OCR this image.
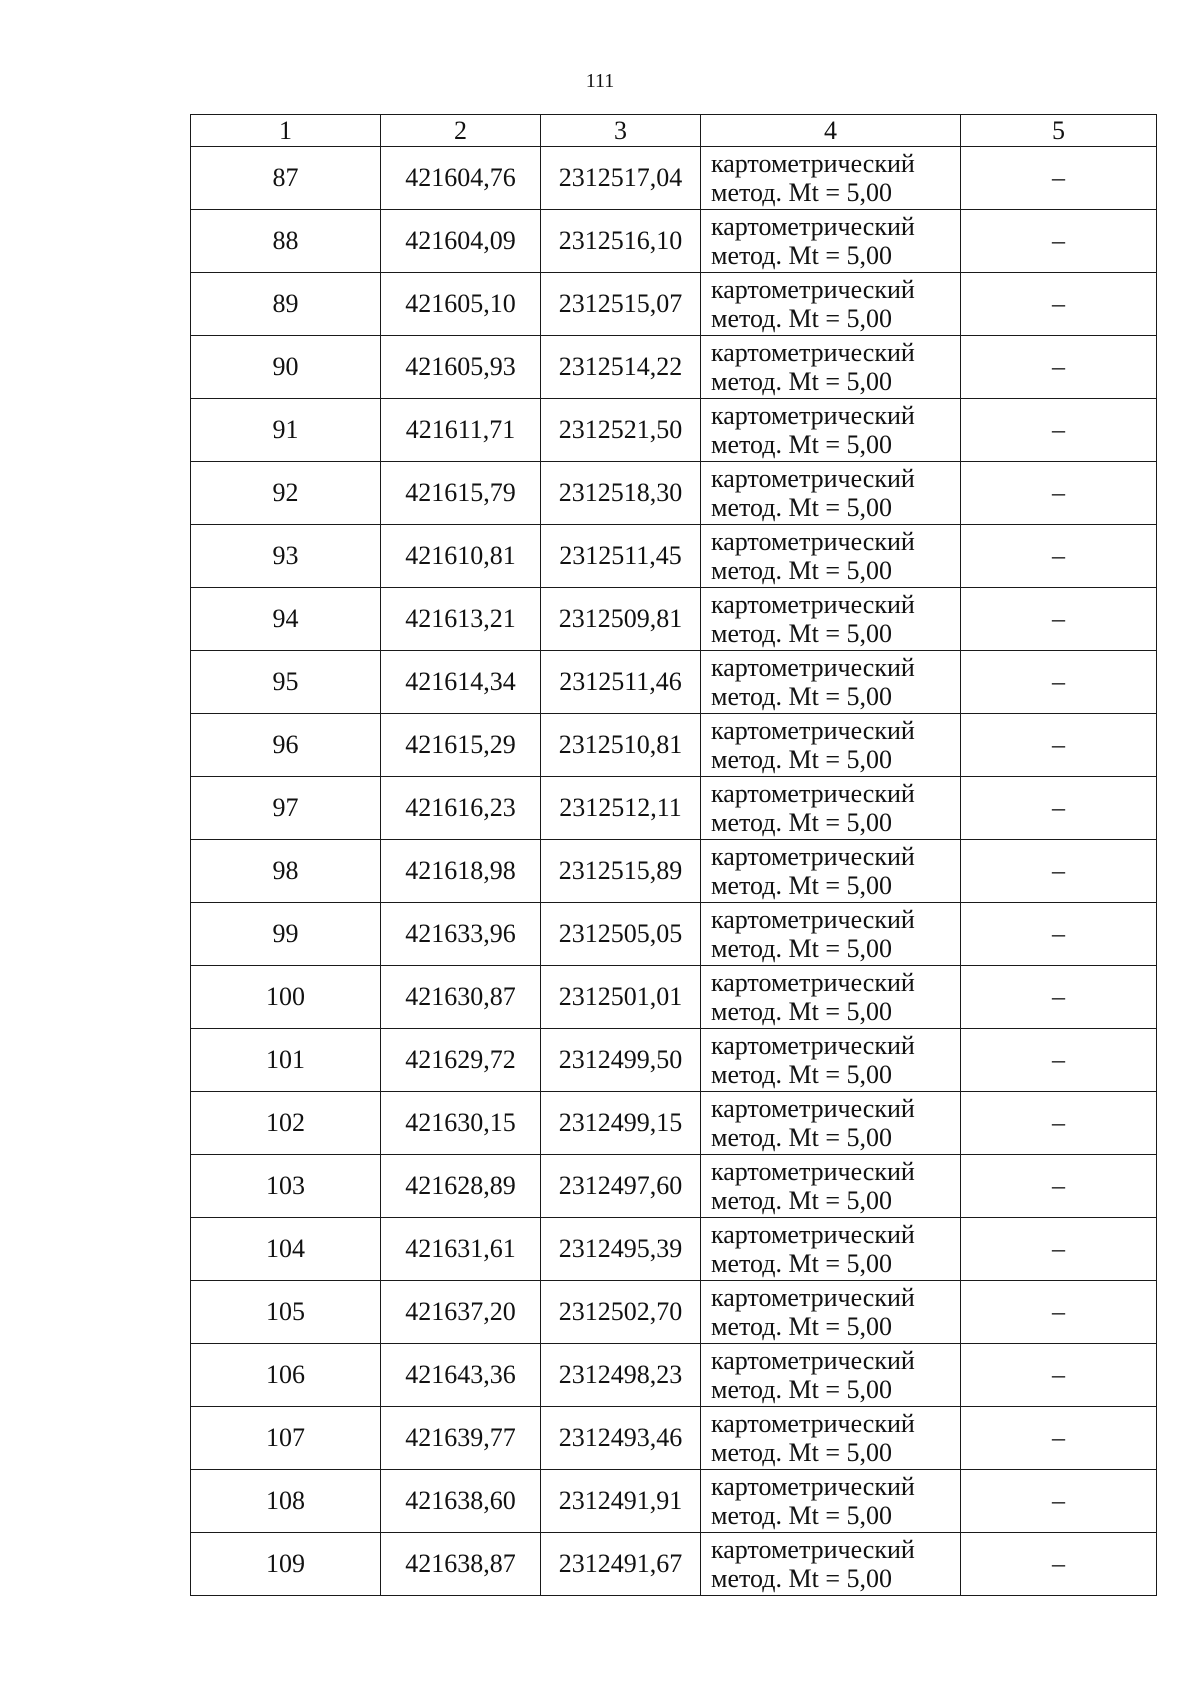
111
1	2	3	4	5
87	421604,76	2312517,04	картометрический
метод. Mt = 5,00	–
88	421604,09	2312516,10	картометрический
метод. Mt = 5,00	–
89	421605,10	2312515,07	картометрический
метод. Mt = 5,00	–
90	421605,93	2312514,22	картометрический
метод. Mt = 5,00	–
91	421611,71	2312521,50	картометрический
метод. Mt = 5,00	–
92	421615,79	2312518,30	картометрический
метод. Mt = 5,00	–
93	421610,81	2312511,45	картометрический
метод. Mt = 5,00	–
94	421613,21	2312509,81	картометрический
метод. Mt = 5,00	–
95	421614,34	2312511,46	картометрический
метод. Mt = 5,00	–
96	421615,29	2312510,81	картометрический
метод. Mt = 5,00	–
97	421616,23	2312512,11	картометрический
метод. Mt = 5,00	–
98	421618,98	2312515,89	картометрический
метод. Mt = 5,00	–
99	421633,96	2312505,05	картометрический
метод. Mt = 5,00	–
100	421630,87	2312501,01	картометрический
метод. Mt = 5,00	–
101	421629,72	2312499,50	картометрический
метод. Mt = 5,00	–
102	421630,15	2312499,15	картометрический
метод. Mt = 5,00	–
103	421628,89	2312497,60	картометрический
метод. Mt = 5,00	–
104	421631,61	2312495,39	картометрический
метод. Mt = 5,00	–
105	421637,20	2312502,70	картометрический
метод. Mt = 5,00	–
106	421643,36	2312498,23	картометрический
метод. Mt = 5,00	–
107	421639,77	2312493,46	картометрический
метод. Mt = 5,00	–
108	421638,60	2312491,91	картометрический
метод. Mt = 5,00	–
109	421638,87	2312491,67	картометрический
метод. Mt = 5,00	–
